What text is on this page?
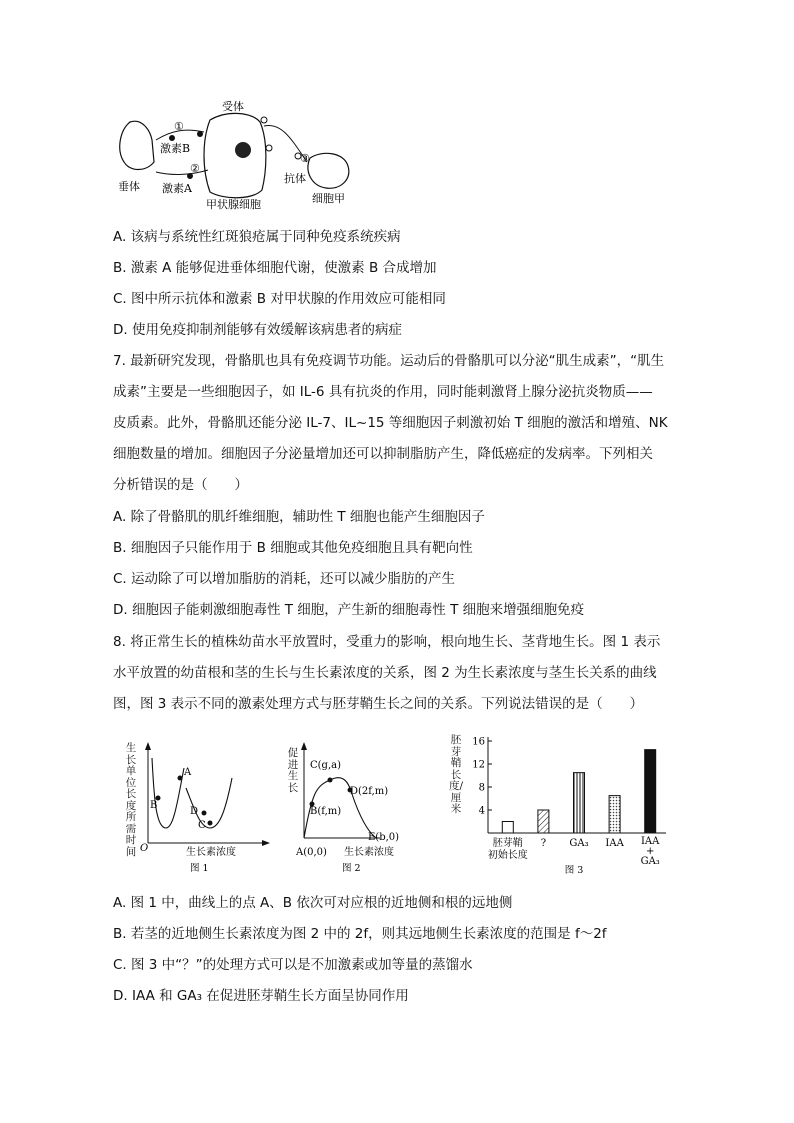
①
②
③
受体
激素B
激素A
垂体
甲状腺细胞
抗体
细胞甲
A. 该病与系统性红斑狼疮属于同种免疫系统疾病
B. 激素 A 能够促进垂体细胞代谢，使激素 B 合成增加
C. 图中所示抗体和激素 B 对甲状腺的作用效应可能相同
D. 使用免疫抑制剂能够有效缓解该病患者的病症
7. 最新研究发现，骨骼肌也具有免疫调节功能。运动后的骨骼肌可以分泌“肌生成素”，“肌生
成素”主要是一些细胞因子，如 IL-6 具有抗炎的作用，同时能刺激肾上腺分泌抗炎物质——
皮质素。此外，骨骼肌还能分泌 IL-7、IL~15 等细胞因子刺激初始 T 细胞的激活和增殖、NK
细胞数量的增加。细胞因子分泌量增加还可以抑制脂肪产生，降低癌症的发病率。下列相关
分析错误的是（　　）
A. 除了骨骼肌的肌纤维细胞，辅助性 T 细胞也能产生细胞因子
B. 细胞因子只能作用于 B 细胞或其他免疫细胞且具有靶向性
C. 运动除了可以增加脂肪的消耗，还可以减少脂肪的产生
D. 细胞因子能刺激细胞毒性 T 细胞，产生新的细胞毒性 T 细胞来增强细胞免疫
8. 将正常生长的植株幼苗水平放置时，受重力的影响，根向地生长、茎背地生长。图 1 表示
水平放置的幼苗根和茎的生长与生长素浓度的关系，图 2 为生长素浓度与茎生长关系的曲线
图，图 3 表示不同的激素处理方式与胚芽鞘生长之间的关系。下列说法错误的是（　　）
生长单位长度所需时间
A
B
C
D
O	生长素浓度
图 1
促进生长
C(g,a)
B(f,m)
D(2f,m)
E(b,0)
A(0,0) 生长素浓度
图 2
胚芽鞘长度/厘米 4
8
12
16
胚芽鞘
初始长度
? GA₃ IAA IAA
+
GA₃
图 3
A. 图 1 中，曲线上的点 A、B 依次可对应根的近地侧和根的远地侧
B. 若茎的近地侧生长素浓度为图 2 中的 2f，则其远地侧生长素浓度的范围是 f～2f
C. 图 3 中“？”的处理方式可以是不加激素或加等量的蒸馏水
D. IAA 和 GA₃ 在促进胚芽鞘生长方面呈协同作用
